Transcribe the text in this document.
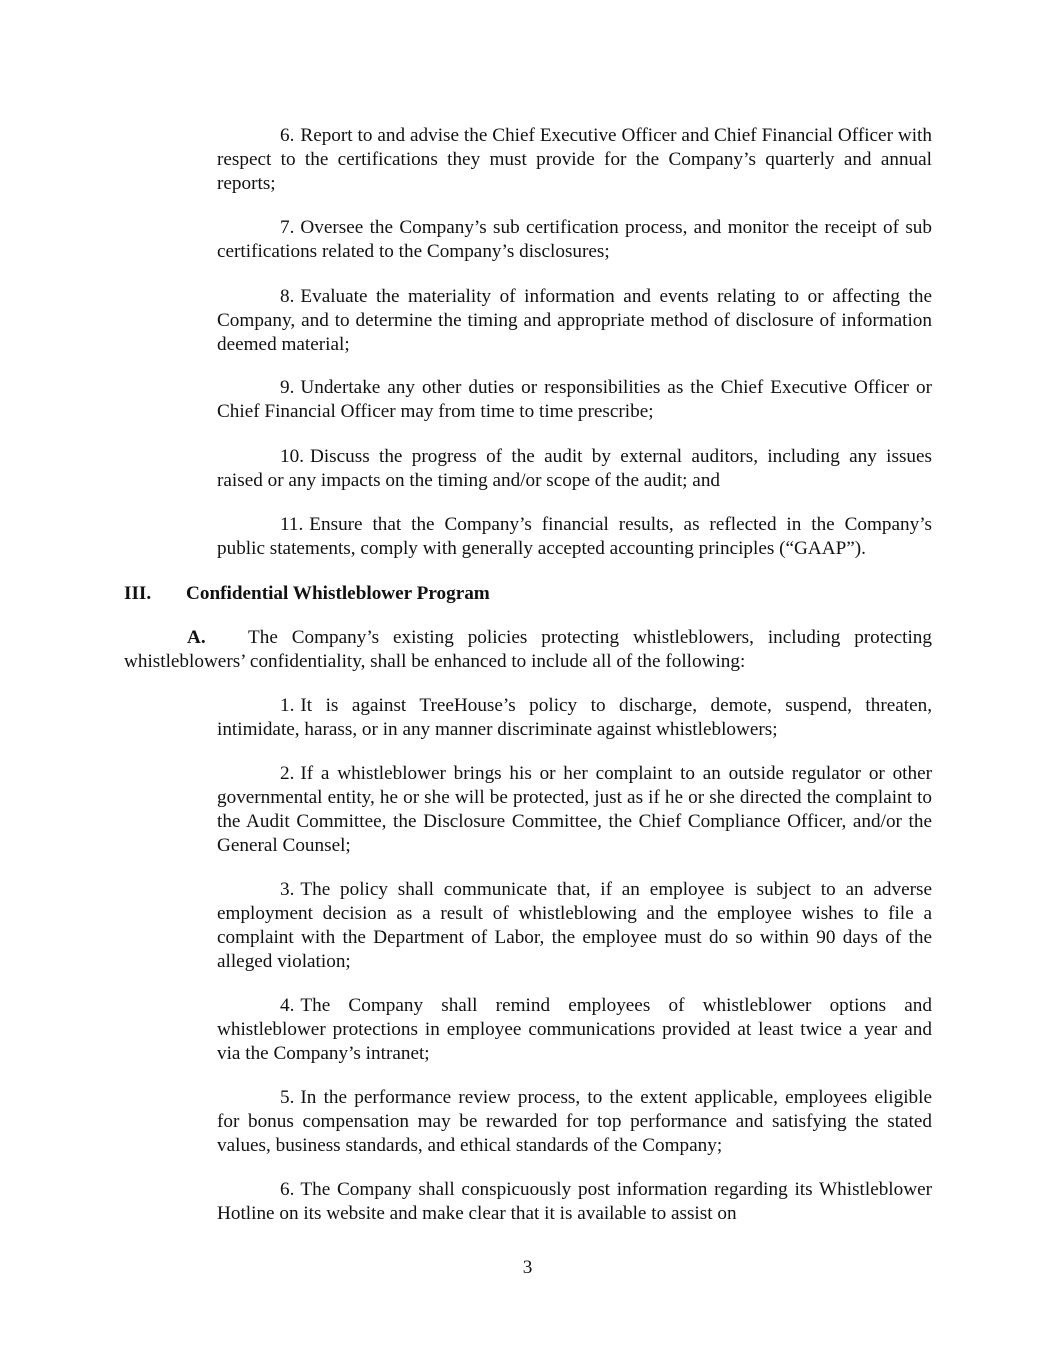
6. Report to and advise the Chief Executive Officer and Chief Financial Officer with respect to the certifications they must provide for the Company’s quarterly and annual reports;

7. Oversee the Company’s sub certification process, and monitor the receipt of sub certifications related to the Company’s disclosures;

8. Evaluate the materiality of information and events relating to or affecting the Company, and to determine the timing and appropriate method of disclosure of information deemed material;

9. Undertake any other duties or responsibilities as the Chief Executive Officer or Chief Financial Officer may from time to time prescribe;

10. Discuss the progress of the audit by external auditors, including any issues raised or any impacts on the timing and/or scope of the audit; and

11. Ensure that the Company’s financial results, as reflected in the Company’s public statements, comply with generally accepted accounting principles (“GAAP”).

III. Confidential Whistleblower Program

A. The Company’s existing policies protecting whistleblowers, including protecting whistleblowers’ confidentiality, shall be enhanced to include all of the following:

1. It is against TreeHouse’s policy to discharge, demote, suspend, threaten, intimidate, harass, or in any manner discriminate against whistleblowers;

2. If a whistleblower brings his or her complaint to an outside regulator or other governmental entity, he or she will be protected, just as if he or she directed the complaint to the Audit Committee, the Disclosure Committee, the Chief Compliance Officer, and/or the General Counsel;

3. The policy shall communicate that, if an employee is subject to an adverse employment decision as a result of whistleblowing and the employee wishes to file a complaint with the Department of Labor, the employee must do so within 90 days of the alleged violation;

4. The Company shall remind employees of whistleblower options and whistleblower protections in employee communications provided at least twice a year and via the Company’s intranet;

5. In the performance review process, to the extent applicable, employees eligible for bonus compensation may be rewarded for top performance and satisfying the stated values, business standards, and ethical standards of the Company;

6. The Company shall conspicuously post information regarding its Whistleblower Hotline on its website and make clear that it is available to assist on

3
